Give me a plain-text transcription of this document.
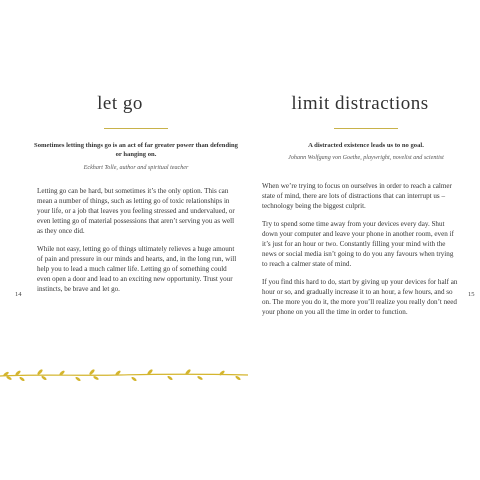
let go
Sometimes letting things go is an act of far greater power than defending or hanging on.
Eckhart Tolle, author and spiritual teacher

Letting go can be hard, but sometimes it’s the only option. This can mean a number of things, such as letting go of toxic relationships in your life, or a job that leaves you feeling stressed and undervalued, or even letting go of material possessions that aren’t serving you as well as they once did.

While not easy, letting go of things ultimately relieves a huge amount of pain and pressure in our minds and hearts, and, in the long run, will help you to lead a much calmer life. Letting go of something could even open a door and lead to an exciting new opportunity. Trust your instincts, be brave and let go.

14
limit distractions
A distracted existence leads us to no goal.
Johann Wolfgang von Goethe, playwright, novelist and scientist

When we’re trying to focus on ourselves in order to reach a calmer state of mind, there are lots of distractions that can interrupt us – technology being the biggest culprit.

Try to spend some time away from your devices every day. Shut down your computer and leave your phone in another room, even if it’s just for an hour or two. Constantly filling your mind with the news or social media isn’t going to do you any favours when trying to reach a calmer state of mind.

If you find this hard to do, start by giving up your devices for half an hour or so, and gradually increase it to an hour, a few hours, and so on. The more you do it, the more you’ll realize you really don’t need your phone on you all the time in order to function.

15
